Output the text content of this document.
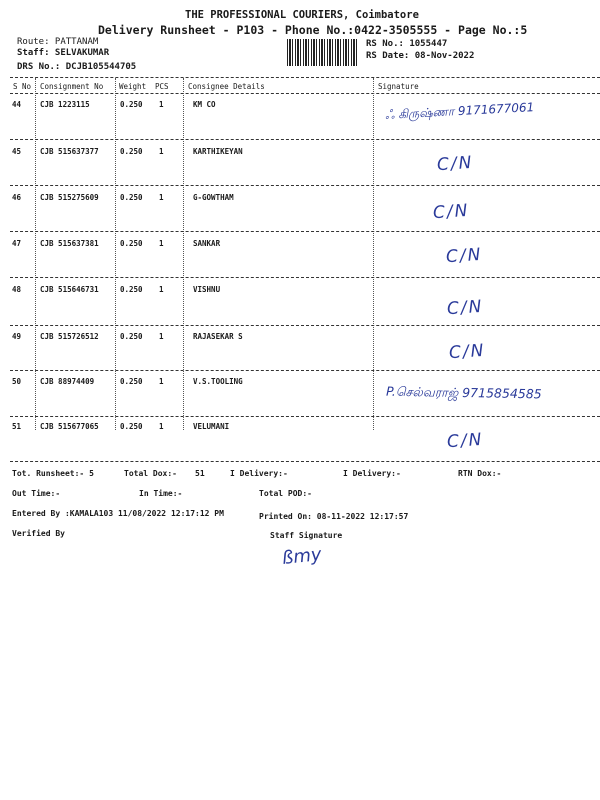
THE PROFESSIONAL COURIERS, Coimbatore
Delivery Runsheet - P103 - Phone No.:0422-3505555 - Page No.:5
Route: PATTANAM
Staff: SELVAKUMAR
DRS No.: DCJB105544705
RS No.: 1055447
RS Date: 08-Nov-2022
S No Consignment No Weight PCS	Consignee Details	Signature
44	CJB 1223115	0.250 1	KM CO	ஃ கிருஷ்ணா 9171677061
45	CJB 515637377	0.250 1	KARTHIKEYAN
C/N
46	CJB 515275609	0.250 1	G-GOWTHAM
C/N
47	CJB 515637381	0.250 1	SANKAR
C/N
48	CJB 515646731	0.250 1	VISHNU
C/N
49	CJB 515726512	0.250 1	RAJASEKAR S
C/N
50	CJB 88974409	0.250 1	V.S.TOOLING
P.செல்வராஜ் 9715854585
51	CJB 515677065	0.250 1	VELUMANI
C/N
Tot. Runsheet:- 5	Total Dox:- 51	I Delivery:-	I Delivery:-	RTN Dox:-
Out Time:-	In Time:-	Total POD:-
Entered By :KAMALA103 11/08/2022 12:17:12 PM	Printed On: 08-11-2022 12:17:57
Verified By	Staff Signature
ßmy
